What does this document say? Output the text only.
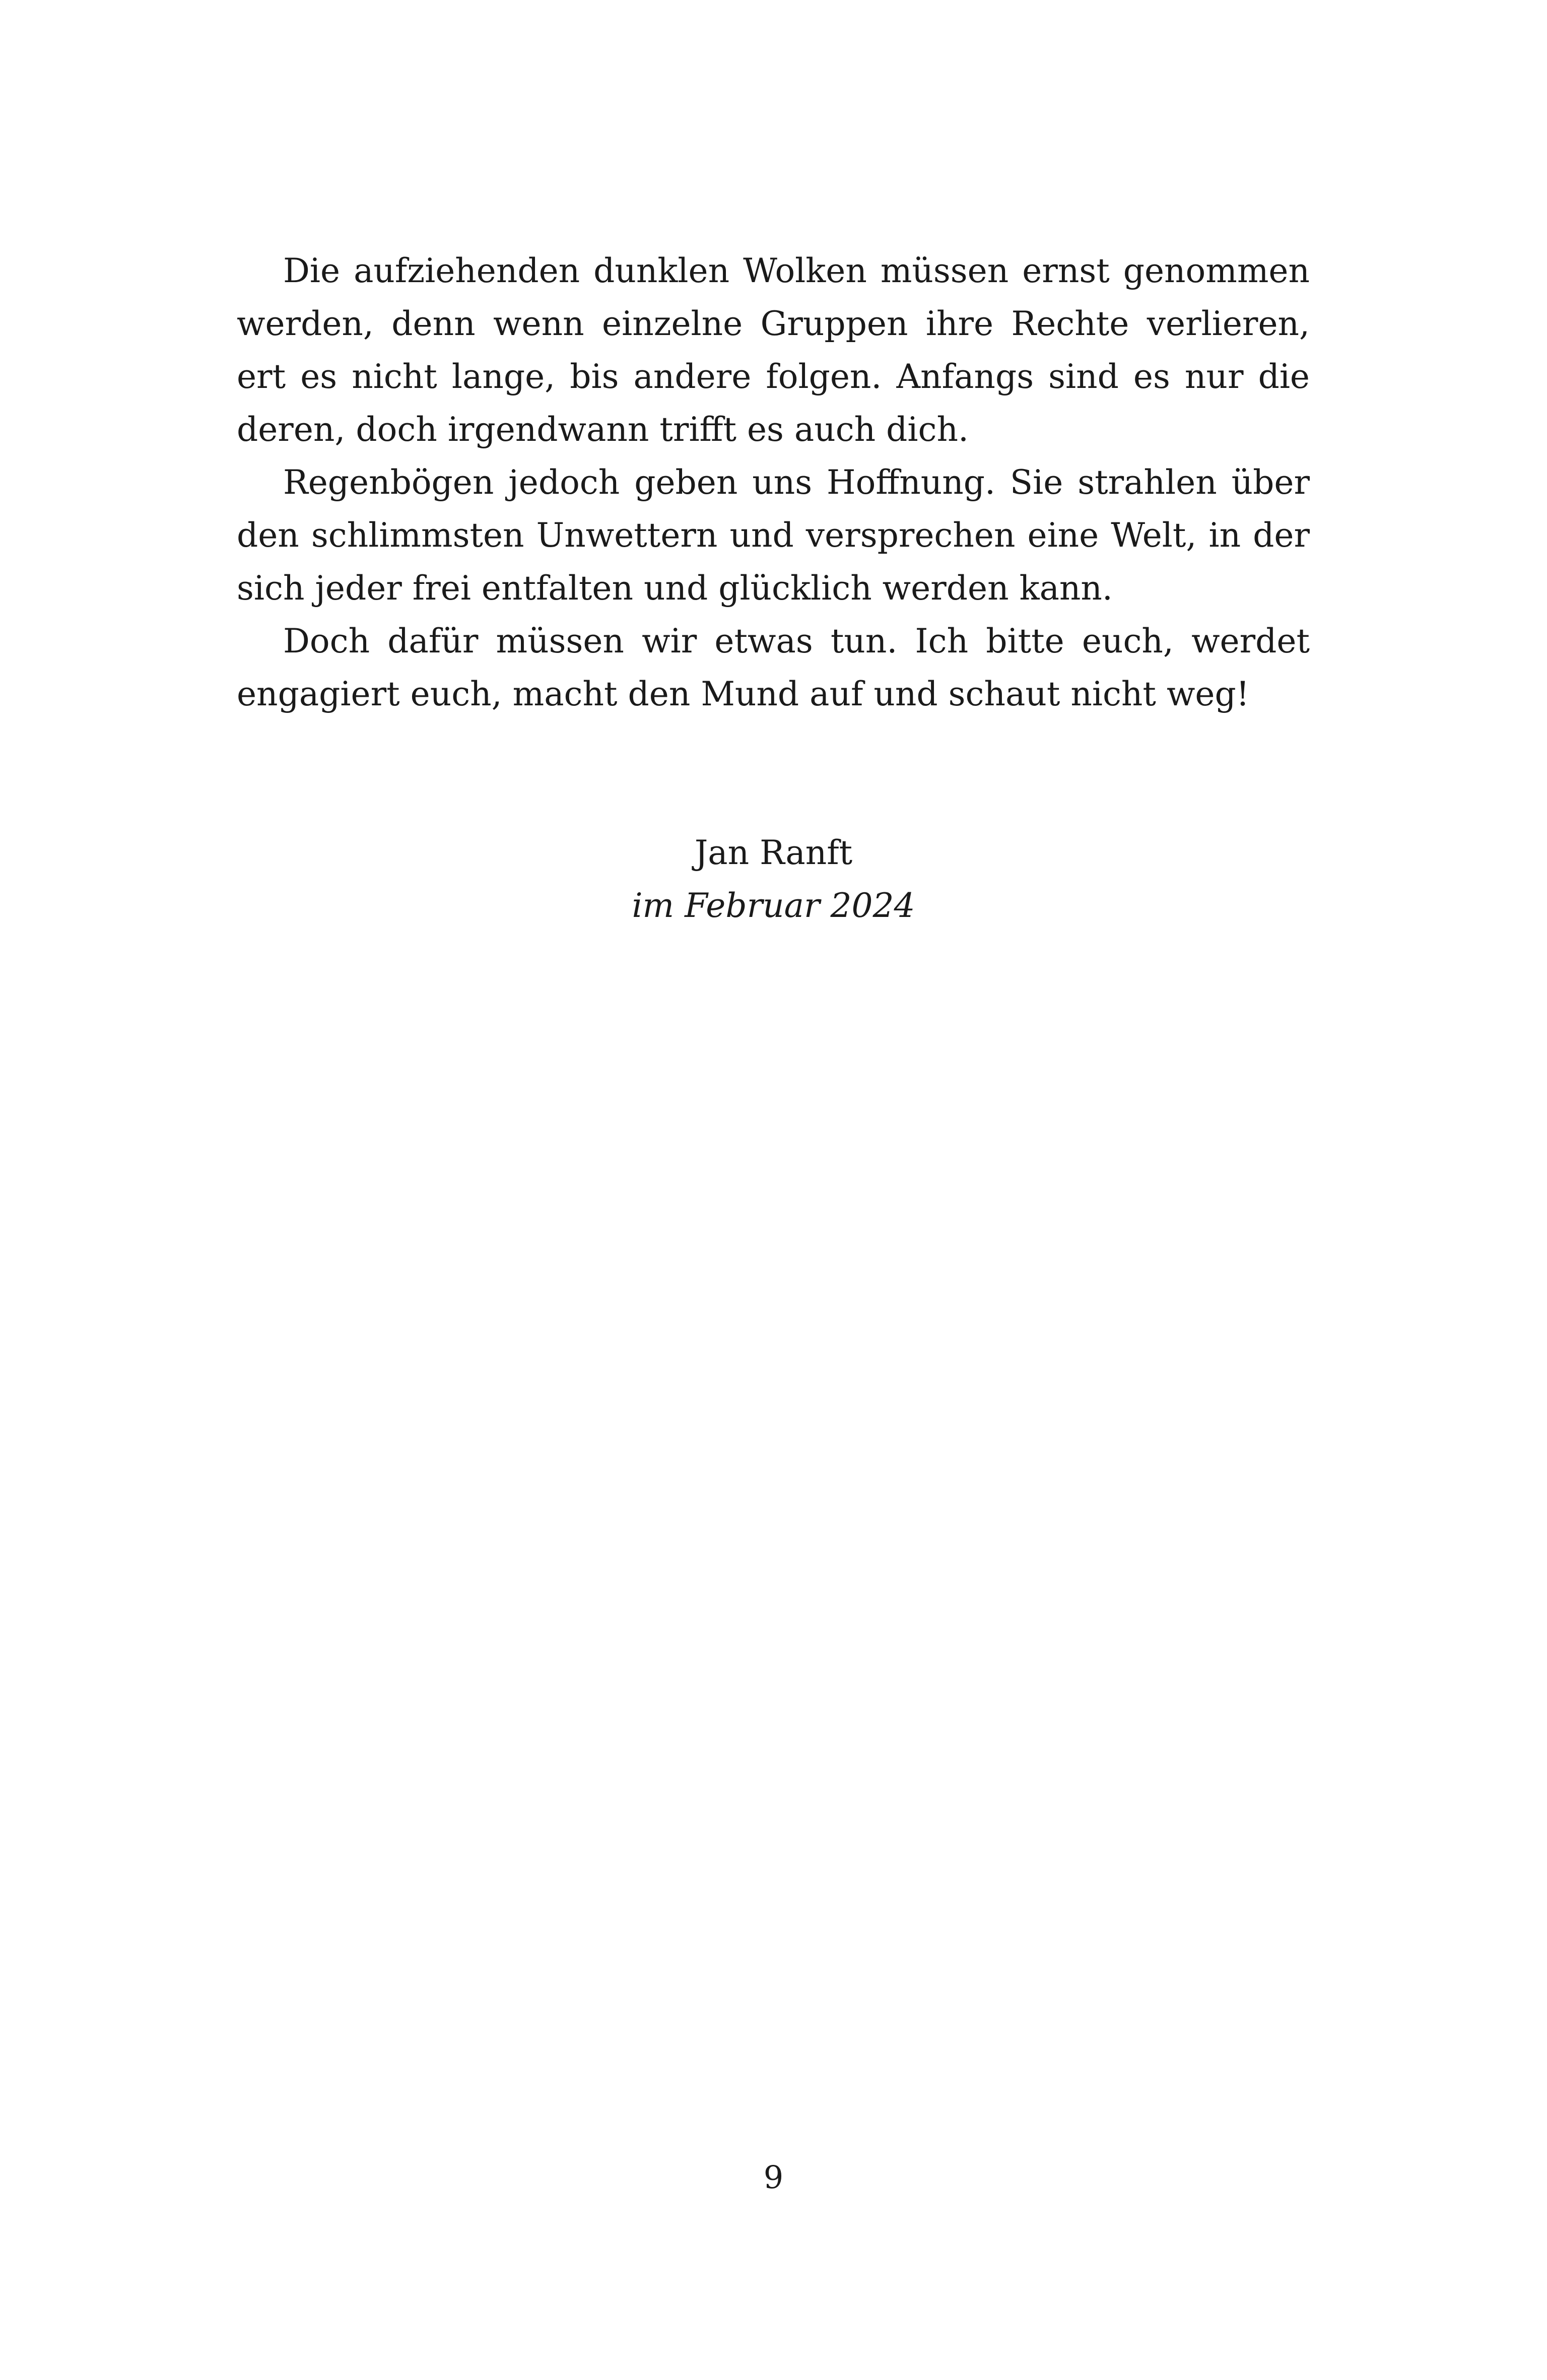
Die aufziehenden dunklen Wolken müssen ernst genommen
werden, denn wenn einzelne Gruppen ihre Rechte verlieren,
ert es nicht lange, bis andere folgen. Anfangs sind es nur die
deren, doch irgendwann trifft es auch dich.
Regenbögen jedoch geben uns Hoffnung. Sie strahlen über
den schlimmsten Unwettern und versprechen eine Welt, in der
sich jeder frei entfalten und glücklich werden kann.
Doch dafür müssen wir etwas tun. Ich bitte euch, werdet
engagiert euch, macht den Mund auf und schaut nicht weg!
Jan Ranft
im Februar 2024
9
